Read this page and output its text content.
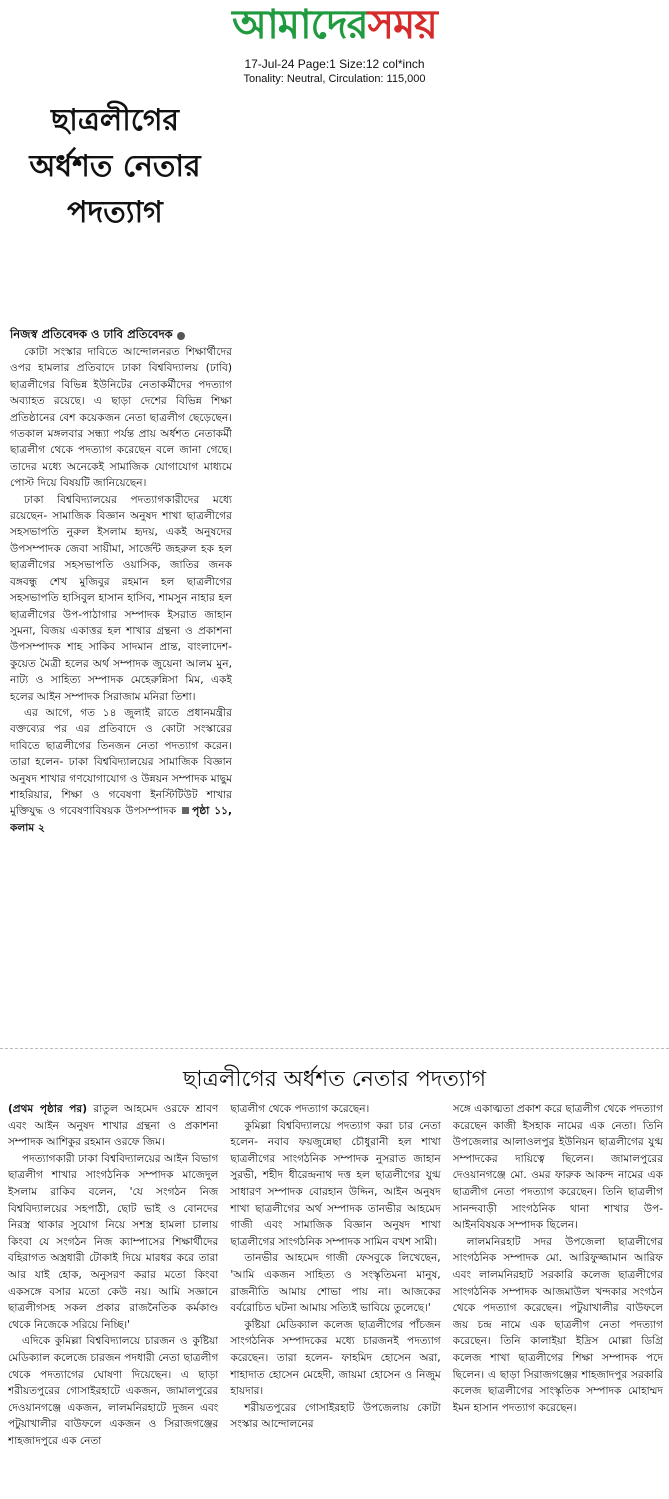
আমাদেরসময়
17-Jul-24 Page:1 Size:12 col*inch
Tonality: Neutral, Circulation: 115,000
ছাত্রলীগের
অর্ধশত নেতার
পদত্যাগ
নিজস্ব প্রতিবেদক ও ঢাবি প্রতিবেদক

কোটা সংস্কার দাবিতে আন্দোলনরত শিক্ষার্থীদের ওপর হামলার প্রতিবাদে ঢাকা বিশ্ববিদ্যালয় (ঢাবি) ছাত্রলীগের বিভিন্ন ইউনিটের নেতাকর্মীদের পদত্যাগ অব্যাহত রয়েছে। এ ছাড়া দেশের বিভিন্ন শিক্ষা প্রতিষ্ঠানের বেশ কয়েকজন নেতা ছাত্রলীগ ছেড়েছেন। গতকাল মঙ্গলবার সন্ধ্যা পর্যন্ত প্রায় অর্ধশত নেতাকর্মী ছাত্রলীগ থেকে পদত্যাগ করেছেন বলে জানা গেছে। তাদের মধ্যে অনেকেই সামাজিক যোগাযোগ মাধ্যমে পোস্ট দিয়ে বিষয়টি জানিয়েছেন।

ঢাকা বিশ্ববিদ্যালয়ের পদত্যাগকারীদের মধ্যে রয়েছেন- সামাজিক বিজ্ঞান অনুষদ শাখা ছাত্রলীগের সহসভাপতি নুরুল ইসলাম হৃদয়, একই অনুষদের উপসম্পাদক জেবা সায়ীমা, সার্জেন্ট জহরুল হক হল ছাত্রলীগের সহসভাপতি ওয়াসিক, জাতির জনক বঙ্গবন্ধু শেখ মুজিবুর রহমান হল ছাত্রলীগের সহসভাপতি হাসিবুল হাসান হাসিব, শামসুন নাহার হল ছাত্রলীগের উপ-পাঠাগার সম্পাদক ইসরাত জাহান সুমনা, বিজয় একাত্তর হল শাখার গ্রন্থনা ও প্রকাশনা উপসম্পাদক শাহ সাকিব সাদমান প্রান্ত, বাংলাদেশ-কুয়েত মৈত্রী হলের অর্থ সম্পাদক জুয়েনা আলম মুন, নাট্য ও সাহিত্য সম্পাদক মেহেরুন্নিসা মিম, একই হলের আইন সম্পাদক সিরাজাম মনিরা তিশা।

এর আগে, গত ১৪ জুলাই রাতে প্রধানমন্ত্রীর বক্তব্যের পর এর প্রতিবাদে ও কোটা সংস্কারের দাবিতে ছাত্রলীগের তিনজন নেতা পদত্যাগ করেন। তারা হলেন- ঢাকা বিশ্ববিদ্যালয়ের সামাজিক বিজ্ঞান অনুষদ শাখার গণযোগাযোগ ও উন্নয়ন সম্পাদক মাছুম শাহরিয়ার, শিক্ষা ও গবেষণা ইনস্টিটিউট শাখার মুক্তিযুদ্ধ ও গবেষণাবিষয়ক উপসম্পাদক পৃষ্ঠা ১১, কলাম ২

ছাত্রলীগের অর্ধশত নেতার পদত্যাগ

(প্রথম পৃষ্ঠার পর) রাতুল আহমেদ ওরফে শ্রাবণ এবং আইন অনুষদ শাখার গ্রন্থনা ও প্রকাশনা সম্পাদক আশিকুর রহমান ওরফে জিম।

পদত্যাগকারী ঢাকা বিশ্ববিদ্যালয়ের আইন বিভাগ ছাত্রলীগ শাখার সাংগঠনিক সম্পাদক মাজেদুল ইসলাম রাকিব বলেন, 'যে সংগঠন নিজ বিশ্ববিদ্যালয়ের সহপাঠী, ছোট ভাই ও বোনদের নিরস্ত্র থাকার সুযোগ নিয়ে সশস্ত্র হামলা চালায় কিংবা যে সংগঠন নিজ ক্যাম্পাসের শিক্ষার্থীদের বহিরাগত অস্ত্রধারী টোকাই দিয়ে মারধর করে তারা আর যাই হোক, অনুসরণ করার মতো কিংবা একসঙ্গে বসার মতো কেউ নয়। আমি সজ্ঞানে ছাত্রলীগসহ সকল প্রকার রাজনৈতিক কর্মকাণ্ড থেকে নিজেকে সরিয়ে নিচ্ছি।'

এদিকে কুমিল্লা বিশ্ববিদ্যালয়ে চারজন ও কুষ্টিয়া মেডিক্যাল কলেজে চারজন পদধারী নেতা ছাত্রলীগ থেকে পদত্যাগের ঘোষণা দিয়েছেন। এ ছাড়া শরীয়তপুরের গোসাইরহাটে একজন, জামালপুরের দেওয়ানগঞ্জে একজন, লালমনিরহাটে দুজন এবং পটুয়াখালীর বাউফলে একজন ও সিরাজগঞ্জের শাহজাদপুরে এক নেতা

ছাত্রলীগ থেকে পদত্যাগ করেছেন।

কুমিল্লা বিশ্ববিদ্যালয়ে পদত্যাগ করা চার নেতা হলেন- নবাব ফয়জুন্নেছা চৌধুরানী হল শাখা ছাত্রলীগের সাংগঠনিক সম্পাদক নুসরাত জাহান সুরভী, শহীদ ধীরেন্দ্রনাথ দত্ত হল ছাত্রলীগের যুগ্ম সাধারণ সম্পাদক বোরহান উদ্দিন, আইন অনুষদ শাখা ছাত্রলীগের অর্থ সম্পাদক তানভীর আহমেদ গাজী এবং সামাজিক বিজ্ঞান অনুষদ শাখা ছাত্রলীগের সাংগঠনিক সম্পাদক সামিন বখশ সামী।

তানভীর আহমেদ গাজী ফেসবুকে লিখেছেন, 'আমি একজন সাহিত্য ও সংস্কৃতিমনা মানুষ, রাজনীতি আমায় শোভা পায় না। আজকের বর্বরোচিত ঘটনা আমায় সত্যিই ভাবিয়ে তুলেছে।'

কুষ্টিয়া মেডিক্যাল কলেজ ছাত্রলীগের পাঁচজন সাংগঠনিক সম্পাদকের মধ্যে চারজনই পদত্যাগ করেছেন। তারা হলেন- ফাহমিদ হোসেন অরা, শাহাদাত হোসেন মেহেদী, জায়মা হোসেন ও নিজুম হায়দার।

শরীয়তপুরের গোসাইরহাট উপজেলায় কোটা সংস্কার আন্দোলনের

সঙ্গে একাত্মতা প্রকাশ করে ছাত্রলীগ থেকে পদত্যাগ করেছেন কাজী ইসহাক নামের এক নেতা। তিনি উপজেলার আলাওলপুর ইউনিয়ন ছাত্রলীগের যুগ্ম সম্পাদকের দায়িত্বে ছিলেন। জামালপুরের দেওয়ানগঞ্জে মো. ওমর ফারুক আকন্দ নামের এক ছাত্রলীগ নেতা পদত্যাগ করেছেন। তিনি ছাত্রলীগ সানন্দবাড়ী সাংগঠনিক থানা শাখার উপ-আইনবিষয়ক সম্পাদক ছিলেন।

লালমনিরহাট সদর উপজেলা ছাত্রলীগের সাংগঠনিক সম্পাদক মো. আরিফুজ্জামান আরিফ এবং লালমনিরহাট সরকারি কলেজ ছাত্রলীগের সাংগঠনিক সম্পাদক আজমাউল খন্দকার সংগঠন থেকে পদত্যাগ করেছেন। পটুয়াখালীর বাউফলে জয় চন্দ্র নামে এক ছাত্রলীগ নেতা পদত্যাগ করেছেন। তিনি কালাইয়া ইদ্রিস মোল্লা ডিগ্রি কলেজ শাখা ছাত্রলীগের শিক্ষা সম্পাদক পদে ছিলেন। এ ছাড়া সিরাজগঞ্জের শাহজাদপুর সরকারি কলেজ ছাত্রলীগের সাংস্কৃতিক সম্পাদক মোহাম্মদ ইমন হাসান পদত্যাগ করেছেন।
